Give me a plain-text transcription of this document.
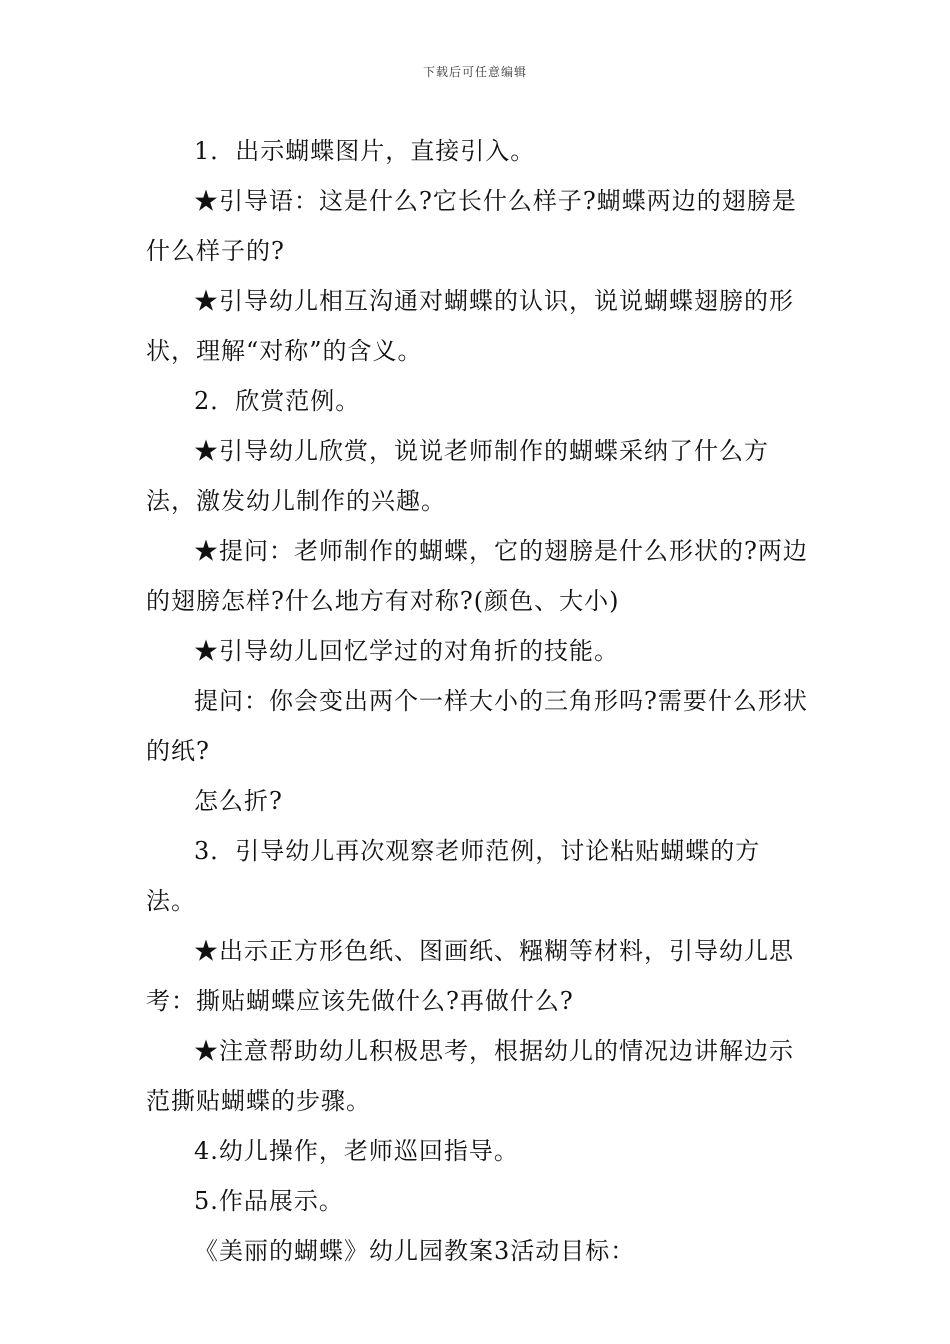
下载后可任意编辑

1．出示蝴蝶图片，直接引入。

★引导语：这是什么?它长什么样子?蝴蝶两边的翅膀是什么样子的?

★引导幼儿相互沟通对蝴蝶的认识，说说蝴蝶翅膀的形状，理解“对称”的含义。

2．欣赏范例。

★引导幼儿欣赏，说说老师制作的蝴蝶采纳了什么方法，激发幼儿制作的兴趣。

★提问：老师制作的蝴蝶，它的翅膀是什么形状的?两边的翅膀怎样?什么地方有对称?(颜色、大小)

★引导幼儿回忆学过的对角折的技能。

提问：你会变出两个一样大小的三角形吗?需要什么形状的纸?

怎么折?

3．引导幼儿再次观察老师范例，讨论粘贴蝴蝶的方法。

★出示正方形色纸、图画纸、糨糊等材料，引导幼儿思考：撕贴蝴蝶应该先做什么?再做什么?

★注意帮助幼儿积极思考，根据幼儿的情况边讲解边示范撕贴蝴蝶的步骤。

4.幼儿操作，老师巡回指导。

5.作品展示。

《美丽的蝴蝶》幼儿园教案3活动目标：
